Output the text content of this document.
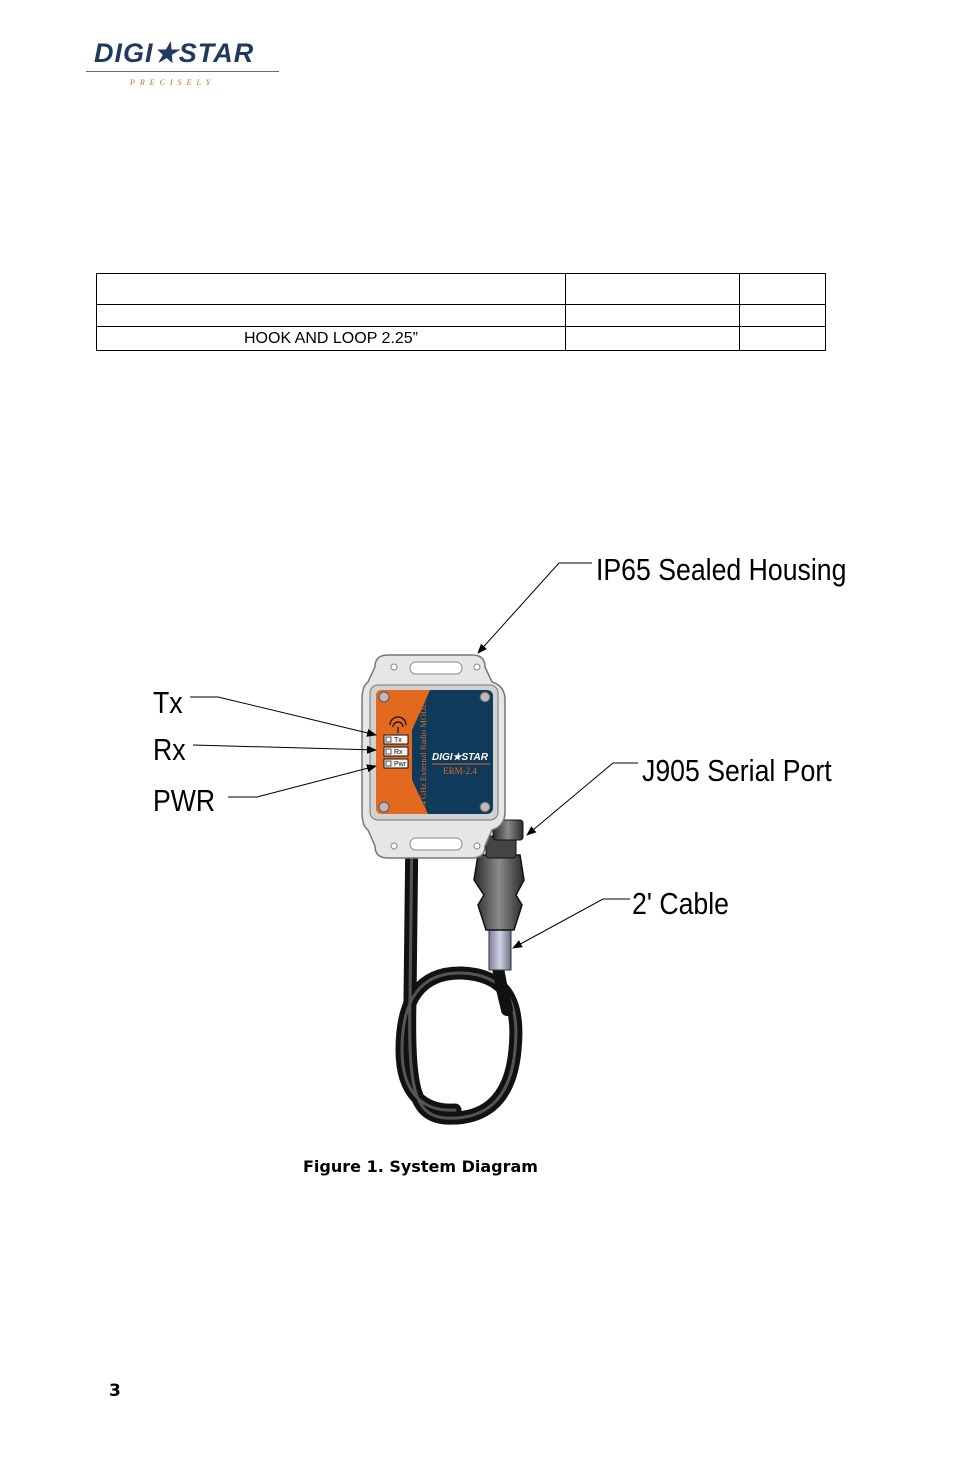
DIGI★STAR
PRECISELY

HOOK AND LOOP 2.25”		
Tx
Rx
Pwr 2.4 GHz External Radio MODEM DIGI★STAR
ERM-2.4
IP65 Sealed Housing
J905 Serial Port
2' Cable
Tx
Rx
PWR
Figure 1. System Diagram
3
